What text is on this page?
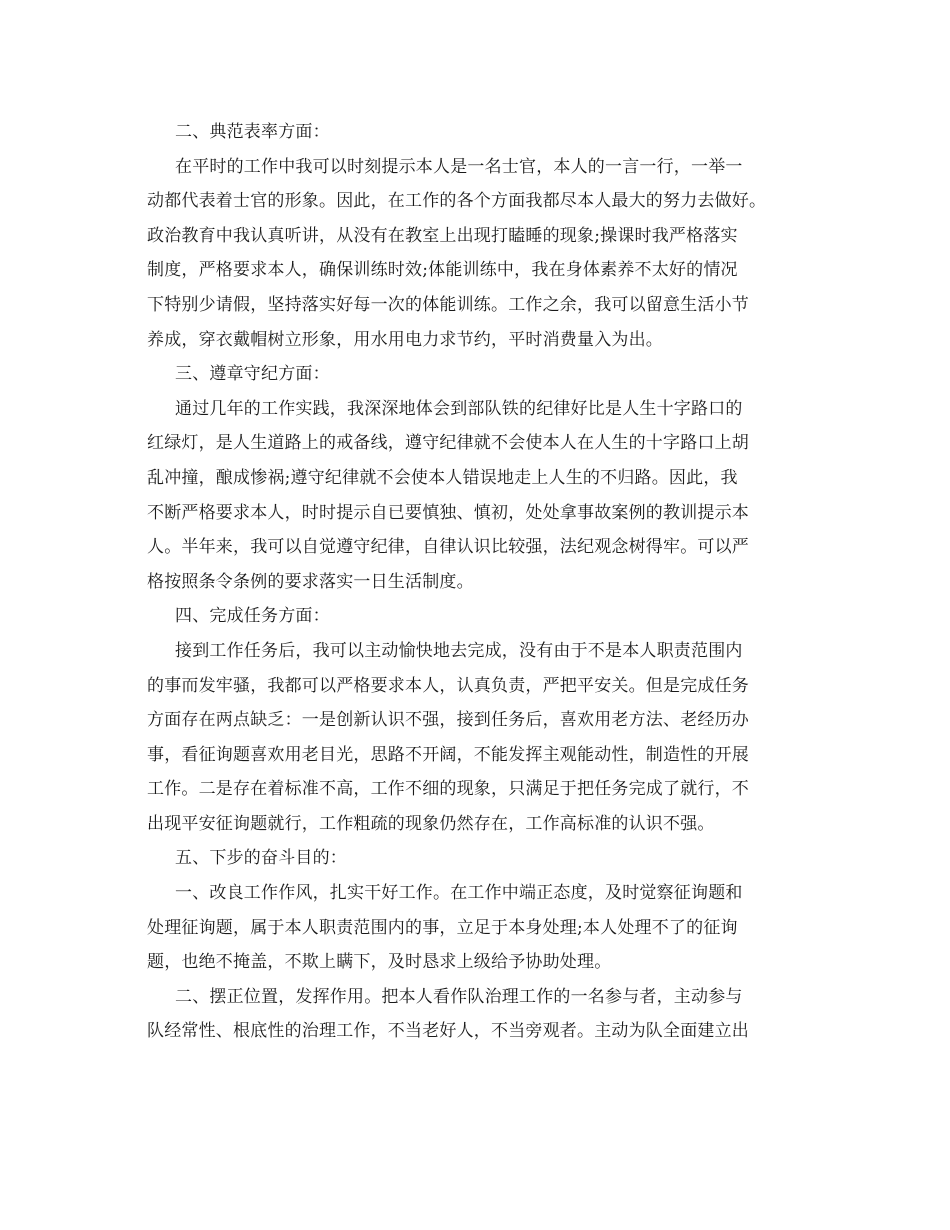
二、典范表率方面：
在平时的工作中我可以时刻提示本人是一名士官，本人的一言一行，一举一
动都代表着士官的形象。因此，在工作的各个方面我都尽本人最大的努力去做好。
政治教育中我认真听讲，从没有在教室上出现打瞌睡的现象;操课时我严格落实
制度，严格要求本人，确保训练时效;体能训练中，我在身体素养不太好的情况
下特别少请假，坚持落实好每一次的体能训练。工作之余，我可以留意生活小节
养成，穿衣戴帽树立形象，用水用电力求节约，平时消费量入为出。
三、遵章守纪方面：
通过几年的工作实践，我深深地体会到部队铁的纪律好比是人生十字路口的
红绿灯，是人生道路上的戒备线，遵守纪律就不会使本人在人生的十字路口上胡
乱冲撞，酿成惨祸;遵守纪律就不会使本人错误地走上人生的不归路。因此，我
不断严格要求本人，时时提示自已要慎独、慎初，处处拿事故案例的教训提示本
人。半年来，我可以自觉遵守纪律，自律认识比较强，法纪观念树得牢。可以严
格按照条令条例的要求落实一日生活制度。
四、完成任务方面：
接到工作任务后，我可以主动愉快地去完成，没有由于不是本人职责范围内
的事而发牢骚，我都可以严格要求本人，认真负责，严把平安关。但是完成任务
方面存在两点缺乏：一是创新认识不强，接到任务后，喜欢用老方法、老经历办
事，看征询题喜欢用老目光，思路不开阔，不能发挥主观能动性，制造性的开展
工作。二是存在着标准不高，工作不细的现象，只满足于把任务完成了就行，不
出现平安征询题就行，工作粗疏的现象仍然存在，工作高标准的认识不强。
五、下步的奋斗目的：
一、改良工作作风，扎实干好工作。在工作中端正态度，及时觉察征询题和
处理征询题，属于本人职责范围内的事，立足于本身处理;本人处理不了的征询
题，也绝不掩盖，不欺上瞒下，及时恳求上级给予协助处理。
二、摆正位置，发挥作用。把本人看作队治理工作的一名参与者，主动参与
队经常性、根底性的治理工作，不当老好人，不当旁观者。主动为队全面建立出
